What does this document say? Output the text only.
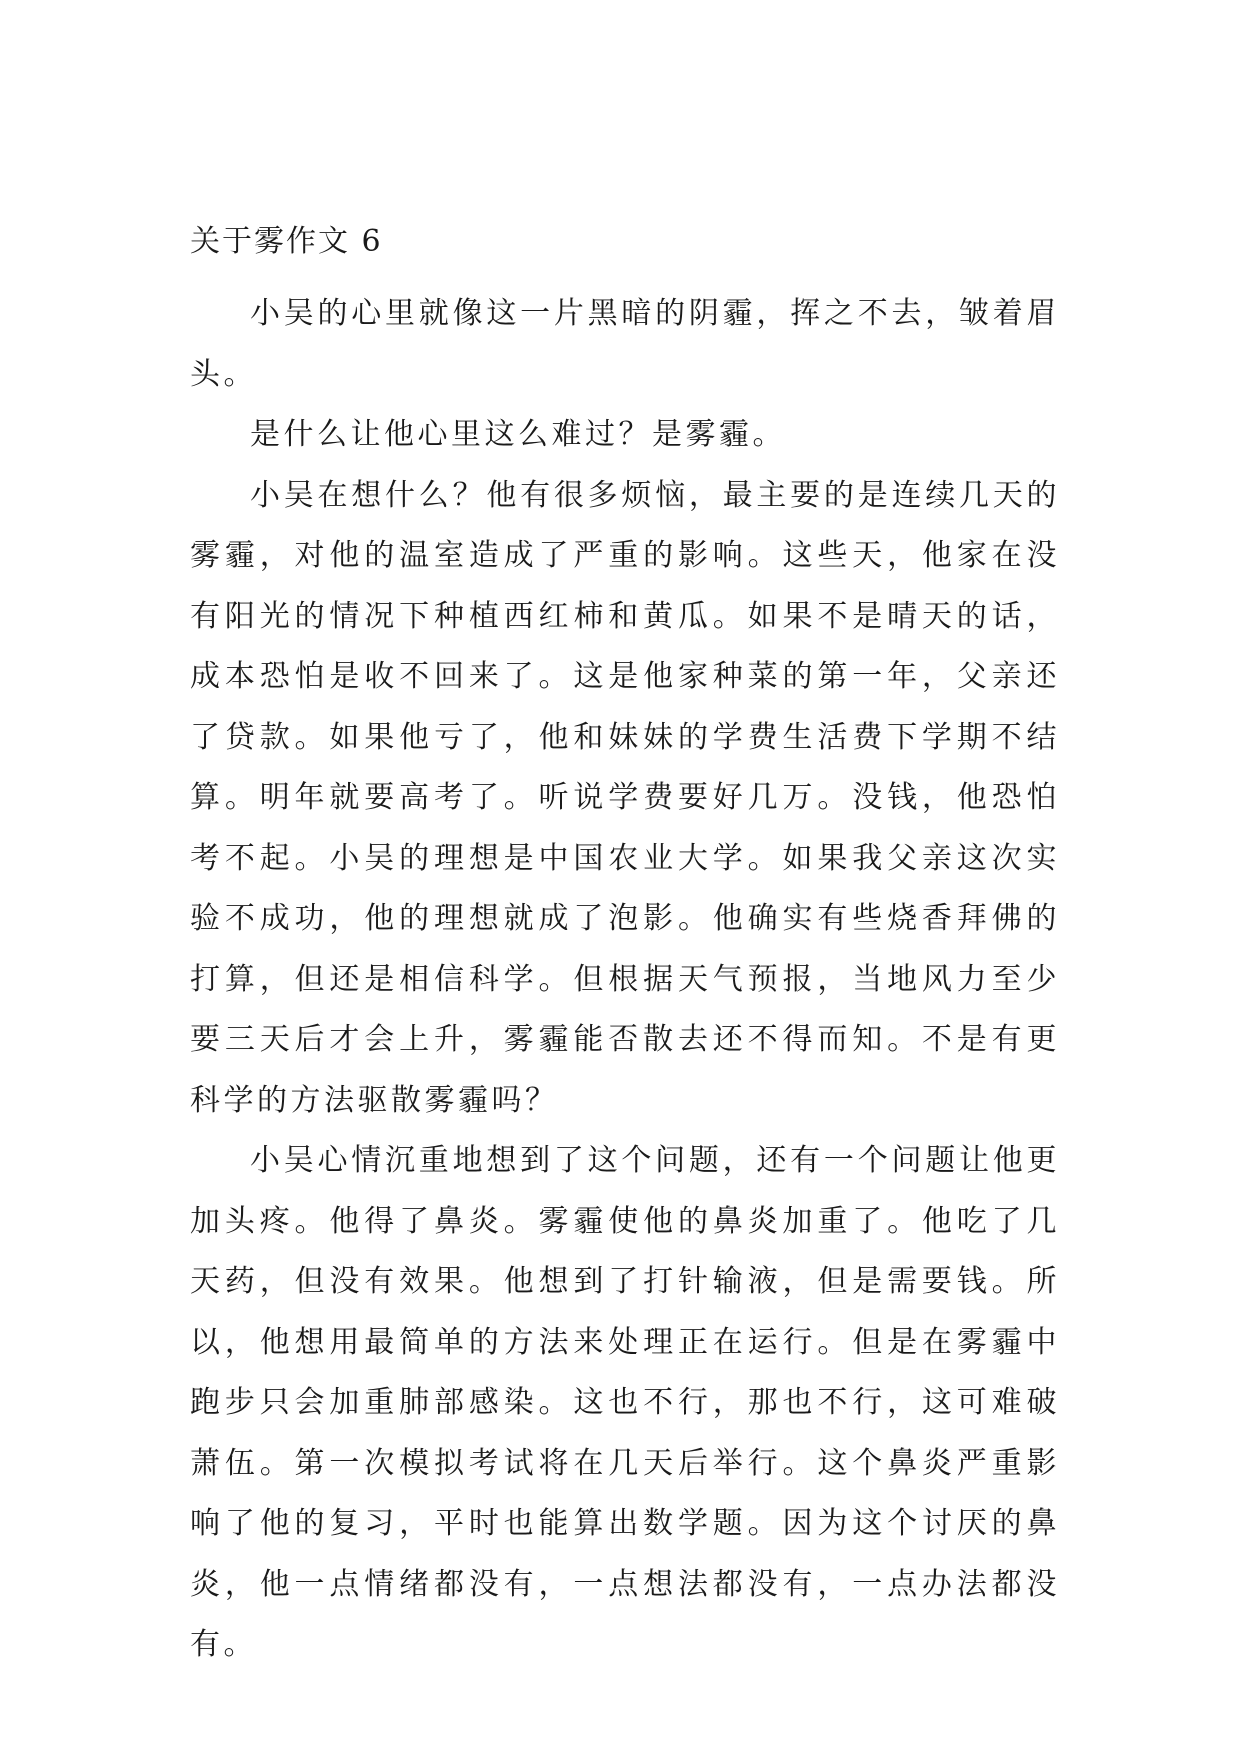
关于雾作文 6

小吴的心里就像这一片黑暗的阴霾，挥之不去，皱着眉头。

是什么让他心里这么难过？是雾霾。

小吴在想什么？他有很多烦恼，最主要的是连续几天的雾霾，对他的温室造成了严重的影响。这些天，他家在没有阳光的情况下种植西红柿和黄瓜。如果不是晴天的话，成本恐怕是收不回来了。这是他家种菜的第一年，父亲还了贷款。如果他亏了，他和妹妹的学费生活费下学期不结算。明年就要高考了。听说学费要好几万。没钱，他恐怕考不起。小吴的理想是中国农业大学。如果我父亲这次实验不成功，他的理想就成了泡影。他确实有些烧香拜佛的打算，但还是相信科学。但根据天气预报，当地风力至少要三天后才会上升，雾霾能否散去还不得而知。不是有更科学的方法驱散雾霾吗？

小吴心情沉重地想到了这个问题，还有一个问题让他更加头疼。他得了鼻炎。雾霾使他的鼻炎加重了。他吃了几天药，但没有效果。他想到了打针输液，但是需要钱。所以，他想用最简单的方法来处理正在运行。但是在雾霾中跑步只会加重肺部感染。这也不行，那也不行，这可难破萧伍。第一次模拟考试将在几天后举行。这个鼻炎严重影响了他的复习，平时也能算出数学题。因为这个讨厌的鼻炎，他一点情绪都没有，一点想法都没有，一点办法都没有。
